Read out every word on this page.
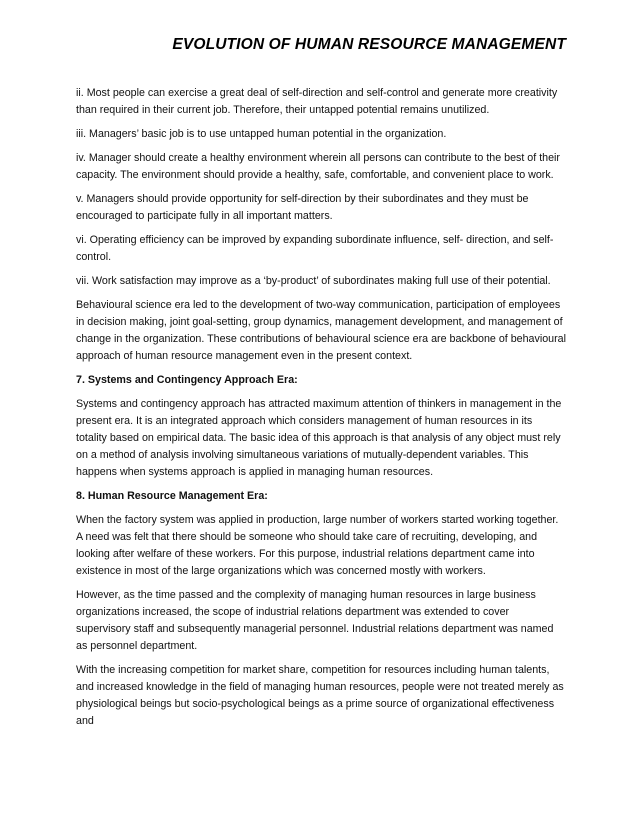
EVOLUTION OF HUMAN RESOURCE MANAGEMENT

ii. Most people can exercise a great deal of self-direction and self-control and generate more creativity than required in their current job. Therefore, their untapped potential remains unutilized.

iii. Managers’ basic job is to use untapped human potential in the organization.

iv. Manager should create a healthy environment wherein all persons can contribute to the best of their capacity. The environment should provide a healthy, safe, comfortable, and convenient place to work.

v. Managers should provide opportunity for self-direction by their subordinates and they must be encouraged to participate fully in all important matters.

vi. Operating efficiency can be improved by expanding subordinate influence, self- direction, and self-control.

vii. Work satisfaction may improve as a ‘by-product’ of subordinates making full use of their potential.

Behavioural science era led to the development of two-way communication, participation of employees in decision making, joint goal-setting, group dynamics, management development, and management of change in the organization. These contributions of behavioural science era are backbone of behavioural approach of human resource management even in the present context.

7. Systems and Contingency Approach Era:

Systems and contingency approach has attracted maximum attention of thinkers in management in the present era. It is an integrated approach which considers management of human resources in its totality based on empirical data. The basic idea of this approach is that analysis of any object must rely on a method of analysis involving simultaneous variations of mutually-dependent variables. This happens when systems approach is applied in managing human resources.

8. Human Resource Management Era:

When the factory system was applied in production, large number of workers started working together. A need was felt that there should be someone who should take care of recruiting, developing, and looking after welfare of these workers. For this purpose, industrial relations department came into existence in most of the large organizations which was concerned mostly with workers.

However, as the time passed and the complexity of managing human resources in large business organizations increased, the scope of industrial relations department was extended to cover supervisory staff and subsequently managerial personnel. Industrial relations department was named as personnel department.

With the increasing competition for market share, competition for resources including human talents, and increased knowledge in the field of managing human resources, people were not treated merely as physiological beings but socio-psychological beings as a prime source of organizational effectiveness and
